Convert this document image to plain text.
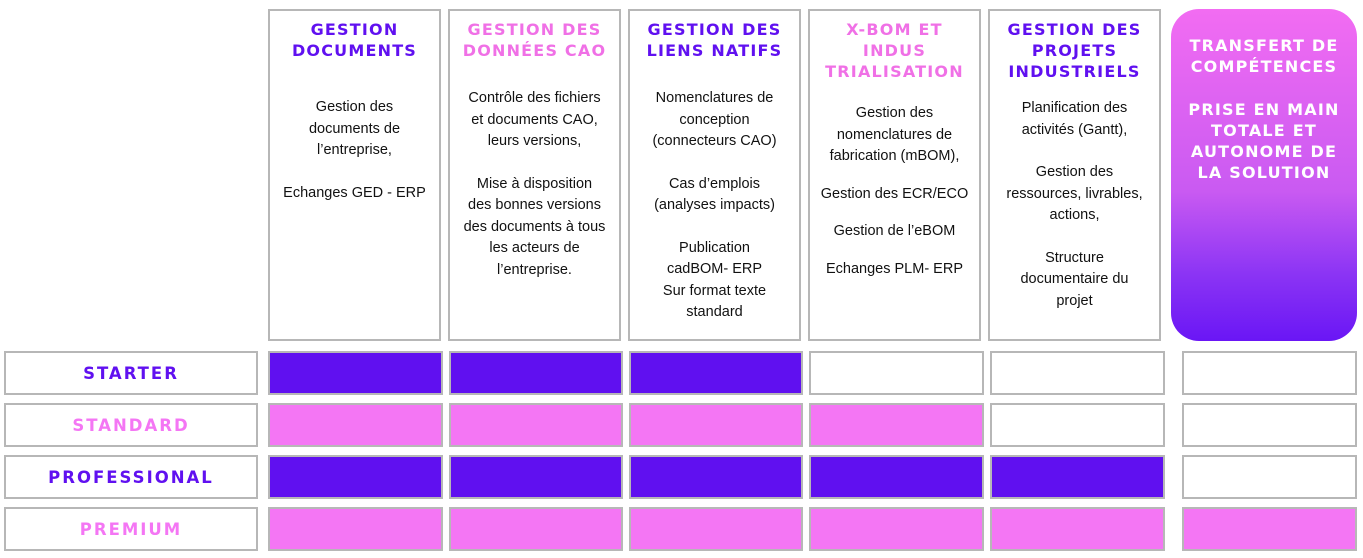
GESTION
DOCUMENTS

Gestion des
documents de
l’entreprise,

Echanges GED - ERP

GESTION DES
DONNÉES CAO

Contrôle des fichiers
et documents CAO,
leurs versions,

Mise à disposition
des bonnes versions
des documents à tous
les acteurs de
l’entreprise.

GESTION DES
LIENS NATIFS

Nomenclatures de
conception
(connecteurs CAO)

Cas d’emplois
(analyses impacts)

Publication
cadBOM- ERP
Sur format texte
standard

X-BOM ET
INDUS
TRIALISATION

Gestion des
nomenclatures de
fabrication (mBOM),

Gestion des ECR/ECO

Gestion de l’eBOM

Echanges PLM- ERP

GESTION DES
PROJETS
INDUSTRIELS

Planification des
activités (Gantt),

Gestion des
ressources, livrables,
actions,

Structure
documentaire du
projet

TRANSFERT DE
COMPÉTENCES
PRISE EN MAIN
TOTALE ET
AUTONOME DE
LA SOLUTION
STARTER
STANDARD
PROFESSIONAL
PREMIUM
